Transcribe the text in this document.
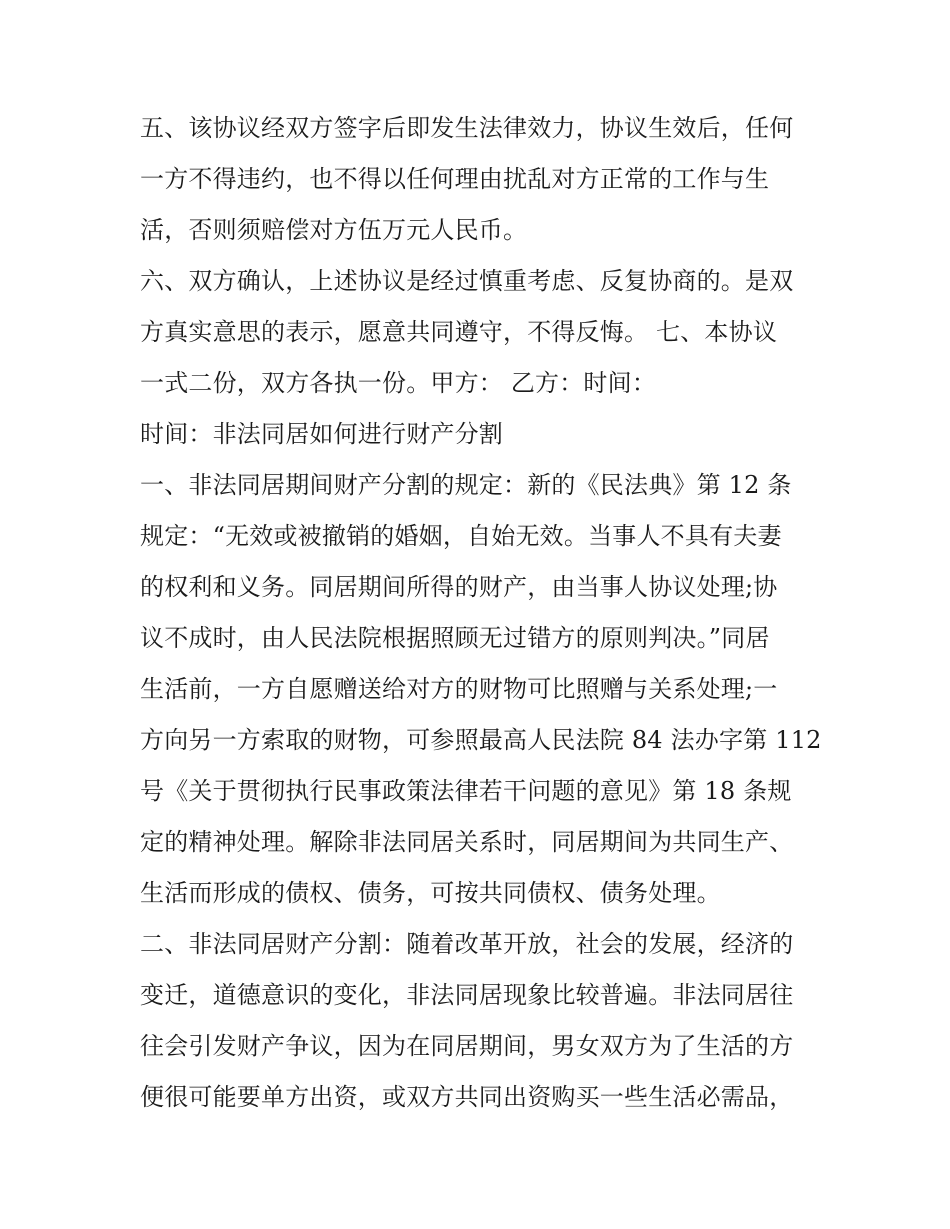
五、该协议经双方签字后即发生法律效力，协议生效后，任何
一方不得违约，也不得以任何理由扰乱对方正常的工作与生
活，否则须赔偿对方伍万元人民币。
六、双方确认，上述协议是经过慎重考虑、反复协商的。是双
方真实意思的表示，愿意共同遵守，不得反悔。 七、本协议
一式二份，双方各执一份。甲方： 乙方：时间：
时间：非法同居如何进行财产分割
一、非法同居期间财产分割的规定：新的《民法典》第 12 条
规定：“无效或被撤销的婚姻，自始无效。当事人不具有夫妻
的权利和义务。同居期间所得的财产，由当事人协议处理;协
议不成时，由人民法院根据照顾无过错方的原则判决。”同居
生活前，一方自愿赠送给对方的财物可比照赠与关系处理;一
方向另一方索取的财物，可参照最高人民法院 84 法办字第 112
号《关于贯彻执行民事政策法律若干问题的意见》第 18 条规
定的精神处理。解除非法同居关系时，同居期间为共同生产、
生活而形成的债权、债务，可按共同债权、债务处理。
二、非法同居财产分割：随着改革开放，社会的发展，经济的
变迁，道德意识的变化，非法同居现象比较普遍。非法同居往
往会引发财产争议，因为在同居期间，男女双方为了生活的方
便很可能要单方出资，或双方共同出资购买一些生活必需品，
